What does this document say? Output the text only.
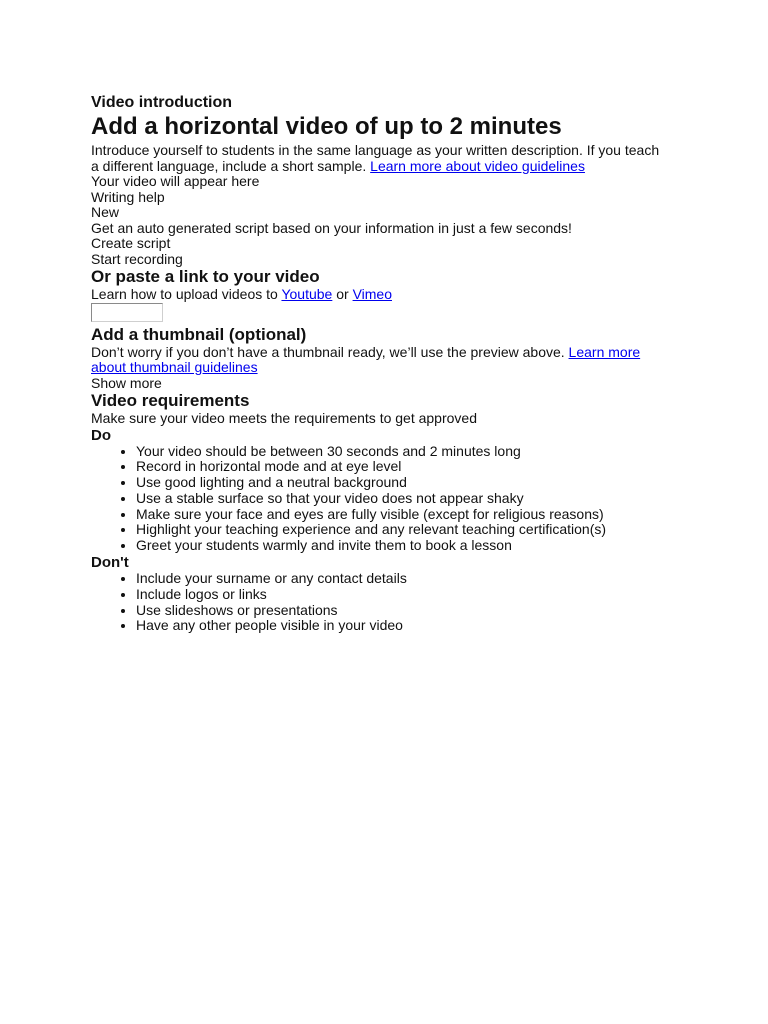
Video introduction
Add a horizontal video of up to 2 minutes

Introduce yourself to students in the same language as your written description. If you teach a different language, include a short sample. Learn more about video guidelines

Your video will appear here
Writing help
New
Get an auto generated script based on your information in just a few seconds!
Create script
Start recording
Or paste a link to your video

Learn how to upload videos to Youtube or Vimeo

Add a thumbnail (optional)

Don’t worry if you don’t have a thumbnail ready, we’ll use the preview above. Learn more about thumbnail guidelines

Show more
Video requirements
Make sure your video meets the requirements to get approved
Do
• Your video should be between 30 seconds and 2 minutes long
• Record in horizontal mode and at eye level
• Use good lighting and a neutral background
• Use a stable surface so that your video does not appear shaky
• Make sure your face and eyes are fully visible (except for religious reasons)
• Highlight your teaching experience and any relevant teaching certification(s)
• Greet your students warmly and invite them to book a lesson
Don't
• Include your surname or any contact details
• Include logos or links
• Use slideshows or presentations
• Have any other people visible in your video
